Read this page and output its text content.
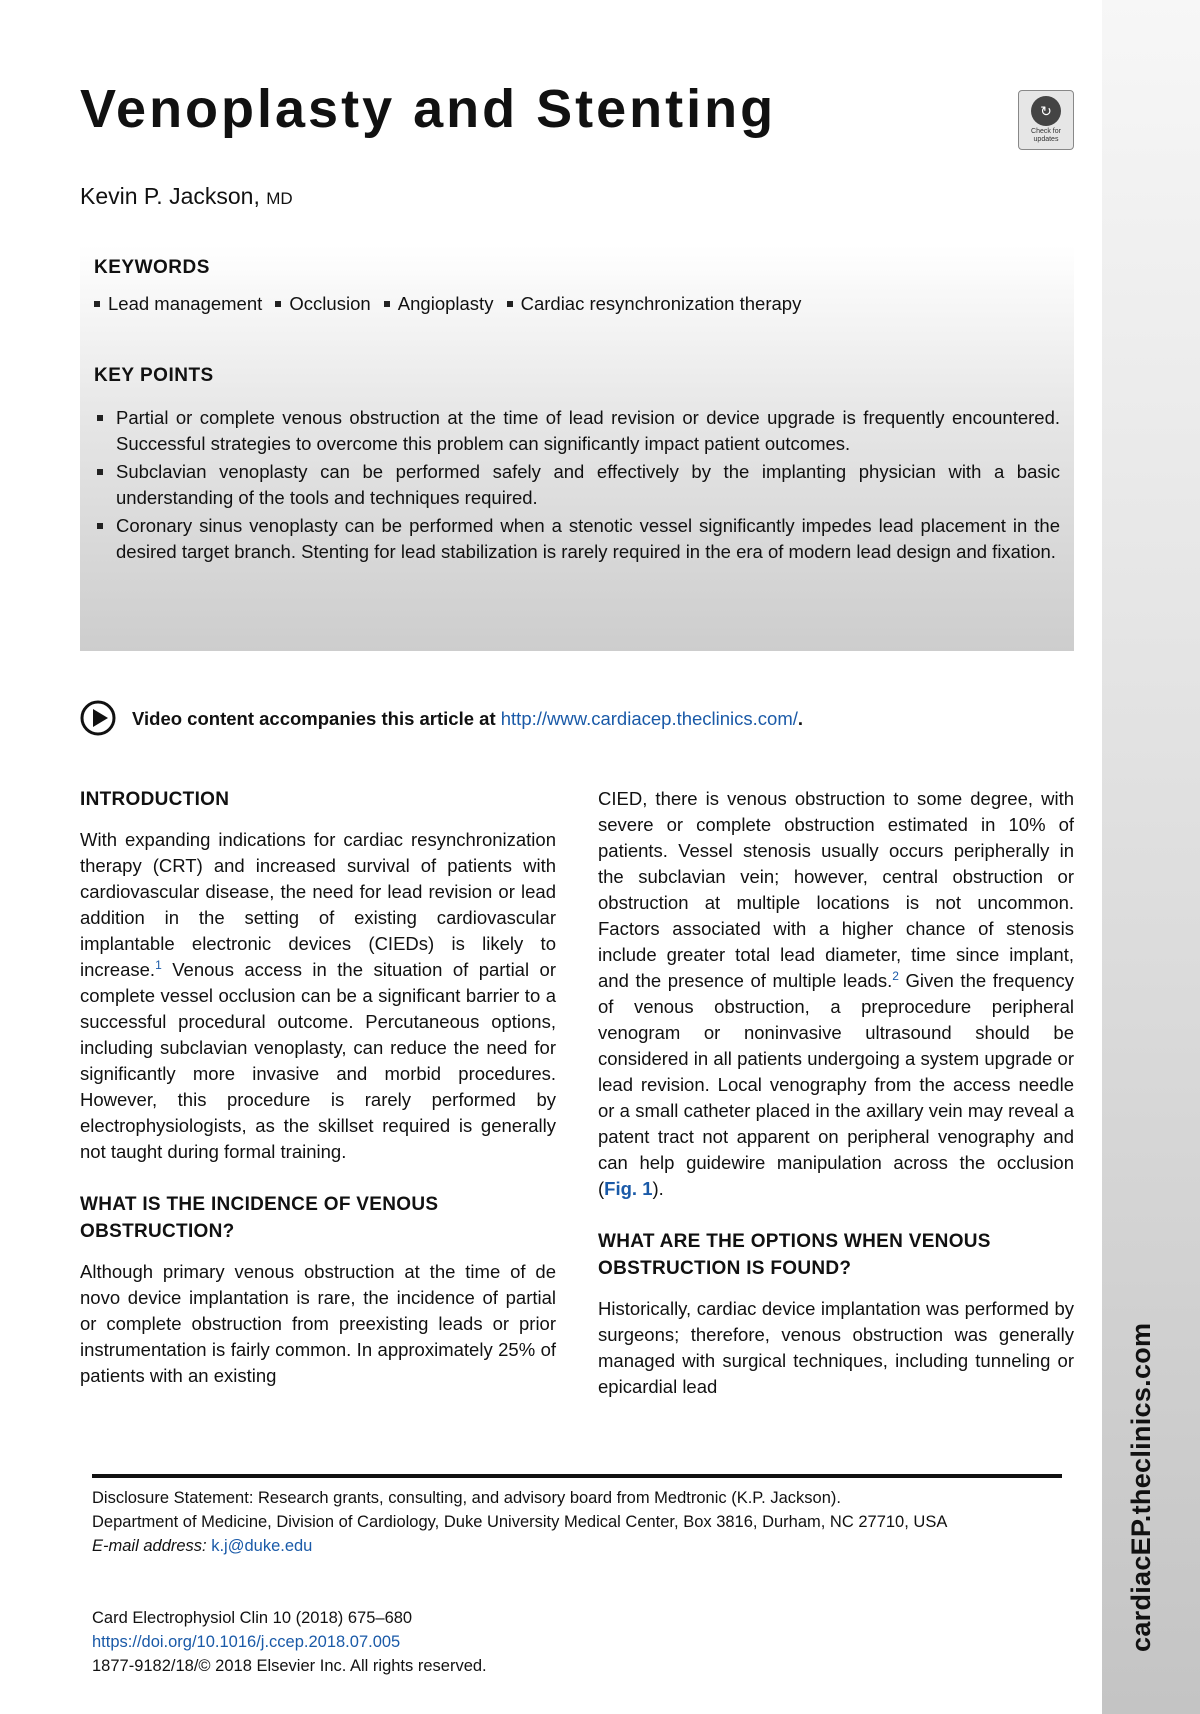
cardiacEP.theclinics.com
Venoplasty and Stenting	↻
Check for updates
Kevin P. Jackson, MD
KEYWORDS
Lead management Occlusion Angioplasty Cardiac resynchronization therapy
KEY POINTS
Partial or complete venous obstruction at the time of lead revision or device upgrade is frequently encountered. Successful strategies to overcome this problem can significantly impact patient outcomes.
Subclavian venoplasty can be performed safely and effectively by the implanting physician with a basic understanding of the tools and techniques required.
Coronary sinus venoplasty can be performed when a stenotic vessel significantly impedes lead placement in the desired target branch. Stenting for lead stabilization is rarely required in the era of modern lead design and fixation.
Video content accompanies this article at http://www.cardiacep.theclinics.com/.
INTRODUCTION

With expanding indications for cardiac resynchronization therapy (CRT) and increased survival of patients with cardiovascular disease, the need for lead revision or lead addition in the setting of existing cardiovascular implantable electronic devices (CIEDs) is likely to increase.$^1$ Venous access in the situation of partial or complete vessel occlusion can be a significant barrier to a successful procedural outcome. Percutaneous options, including subclavian venoplasty, can reduce the need for significantly more invasive and morbid procedures. However, this procedure is rarely performed by electrophysiologists, as the skillset required is generally not taught during formal training.

WHAT IS THE INCIDENCE OF VENOUS OBSTRUCTION?

Although primary venous obstruction at the time of de novo device implantation is rare, the incidence of partial or complete obstruction from preexisting leads or prior instrumentation is fairly common. In approximately 25% of patients with an existing

CIED, there is venous obstruction to some degree, with severe or complete obstruction estimated in 10% of patients. Vessel stenosis usually occurs peripherally in the subclavian vein; however, central obstruction or obstruction at multiple locations is not uncommon. Factors associated with a higher chance of stenosis include greater total lead diameter, time since implant, and the presence of multiple leads.$^2$ Given the frequency of venous obstruction, a preprocedure peripheral venogram or noninvasive ultrasound should be considered in all patients undergoing a system upgrade or lead revision. Local venography from the access needle or a small catheter placed in the axillary vein may reveal a patent tract not apparent on peripheral venography and can help guidewire manipulation across the occlusion (Fig. 1).

WHAT ARE THE OPTIONS WHEN VENOUS OBSTRUCTION IS FOUND?

Historically, cardiac device implantation was performed by surgeons; therefore, venous obstruction was generally managed with surgical techniques, including tunneling or epicardial lead

Disclosure Statement: Research grants, consulting, and advisory board from Medtronic (K.P. Jackson).
Department of Medicine, Division of Cardiology, Duke University Medical Center, Box 3816, Durham, NC 27710, USA
E-mail address: k.j@duke.edu
Card Electrophysiol Clin 10 (2018) 675–680
https://doi.org/10.1016/j.ccep.2018.07.005
1877-9182/18/© 2018 Elsevier Inc. All rights reserved.
